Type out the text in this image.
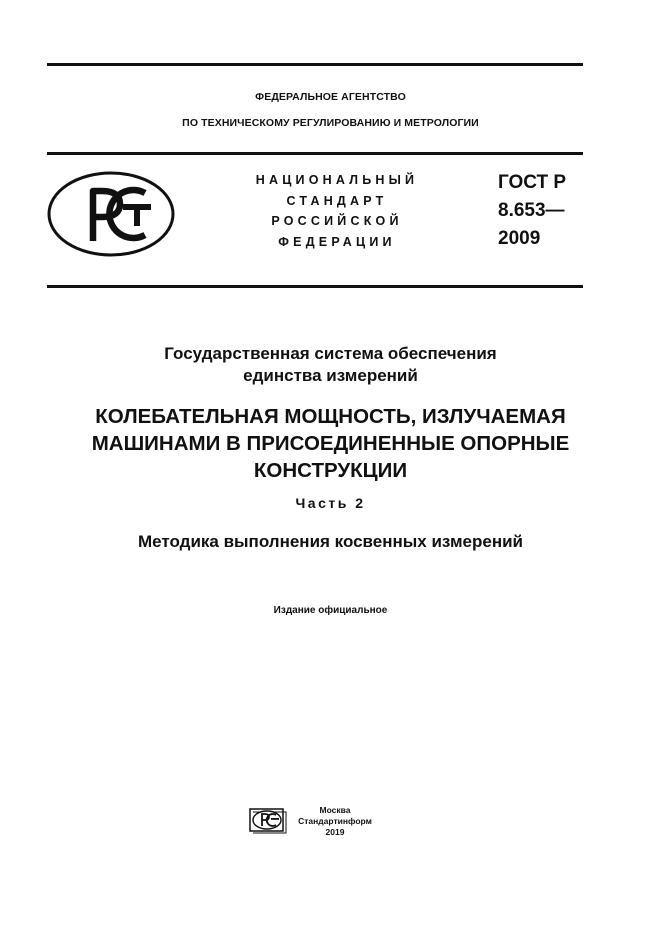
ФЕДЕРАЛЬНОЕ АГЕНТСТВО
ПО ТЕХНИЧЕСКОМУ РЕГУЛИРОВАНИЮ И МЕТРОЛОГИИ
НАЦИОНАЛЬНЫЙ
СТАНДАРТ
РОССИЙСКОЙ
ФЕДЕРАЦИИ
ГОСТ Р
8.653—
2009
Государственная система обеспечения
единства измерений
КОЛЕБАТЕЛЬНАЯ МОЩНОСТЬ, ИЗЛУЧАЕМАЯ
МАШИНАМИ В ПРИСОЕДИНЕННЫЕ ОПОРНЫЕ
КОНСТРУКЦИИ
Часть 2
Методика выполнения косвенных измерений
Издание официальное
Москва
Стандартинформ
2019
